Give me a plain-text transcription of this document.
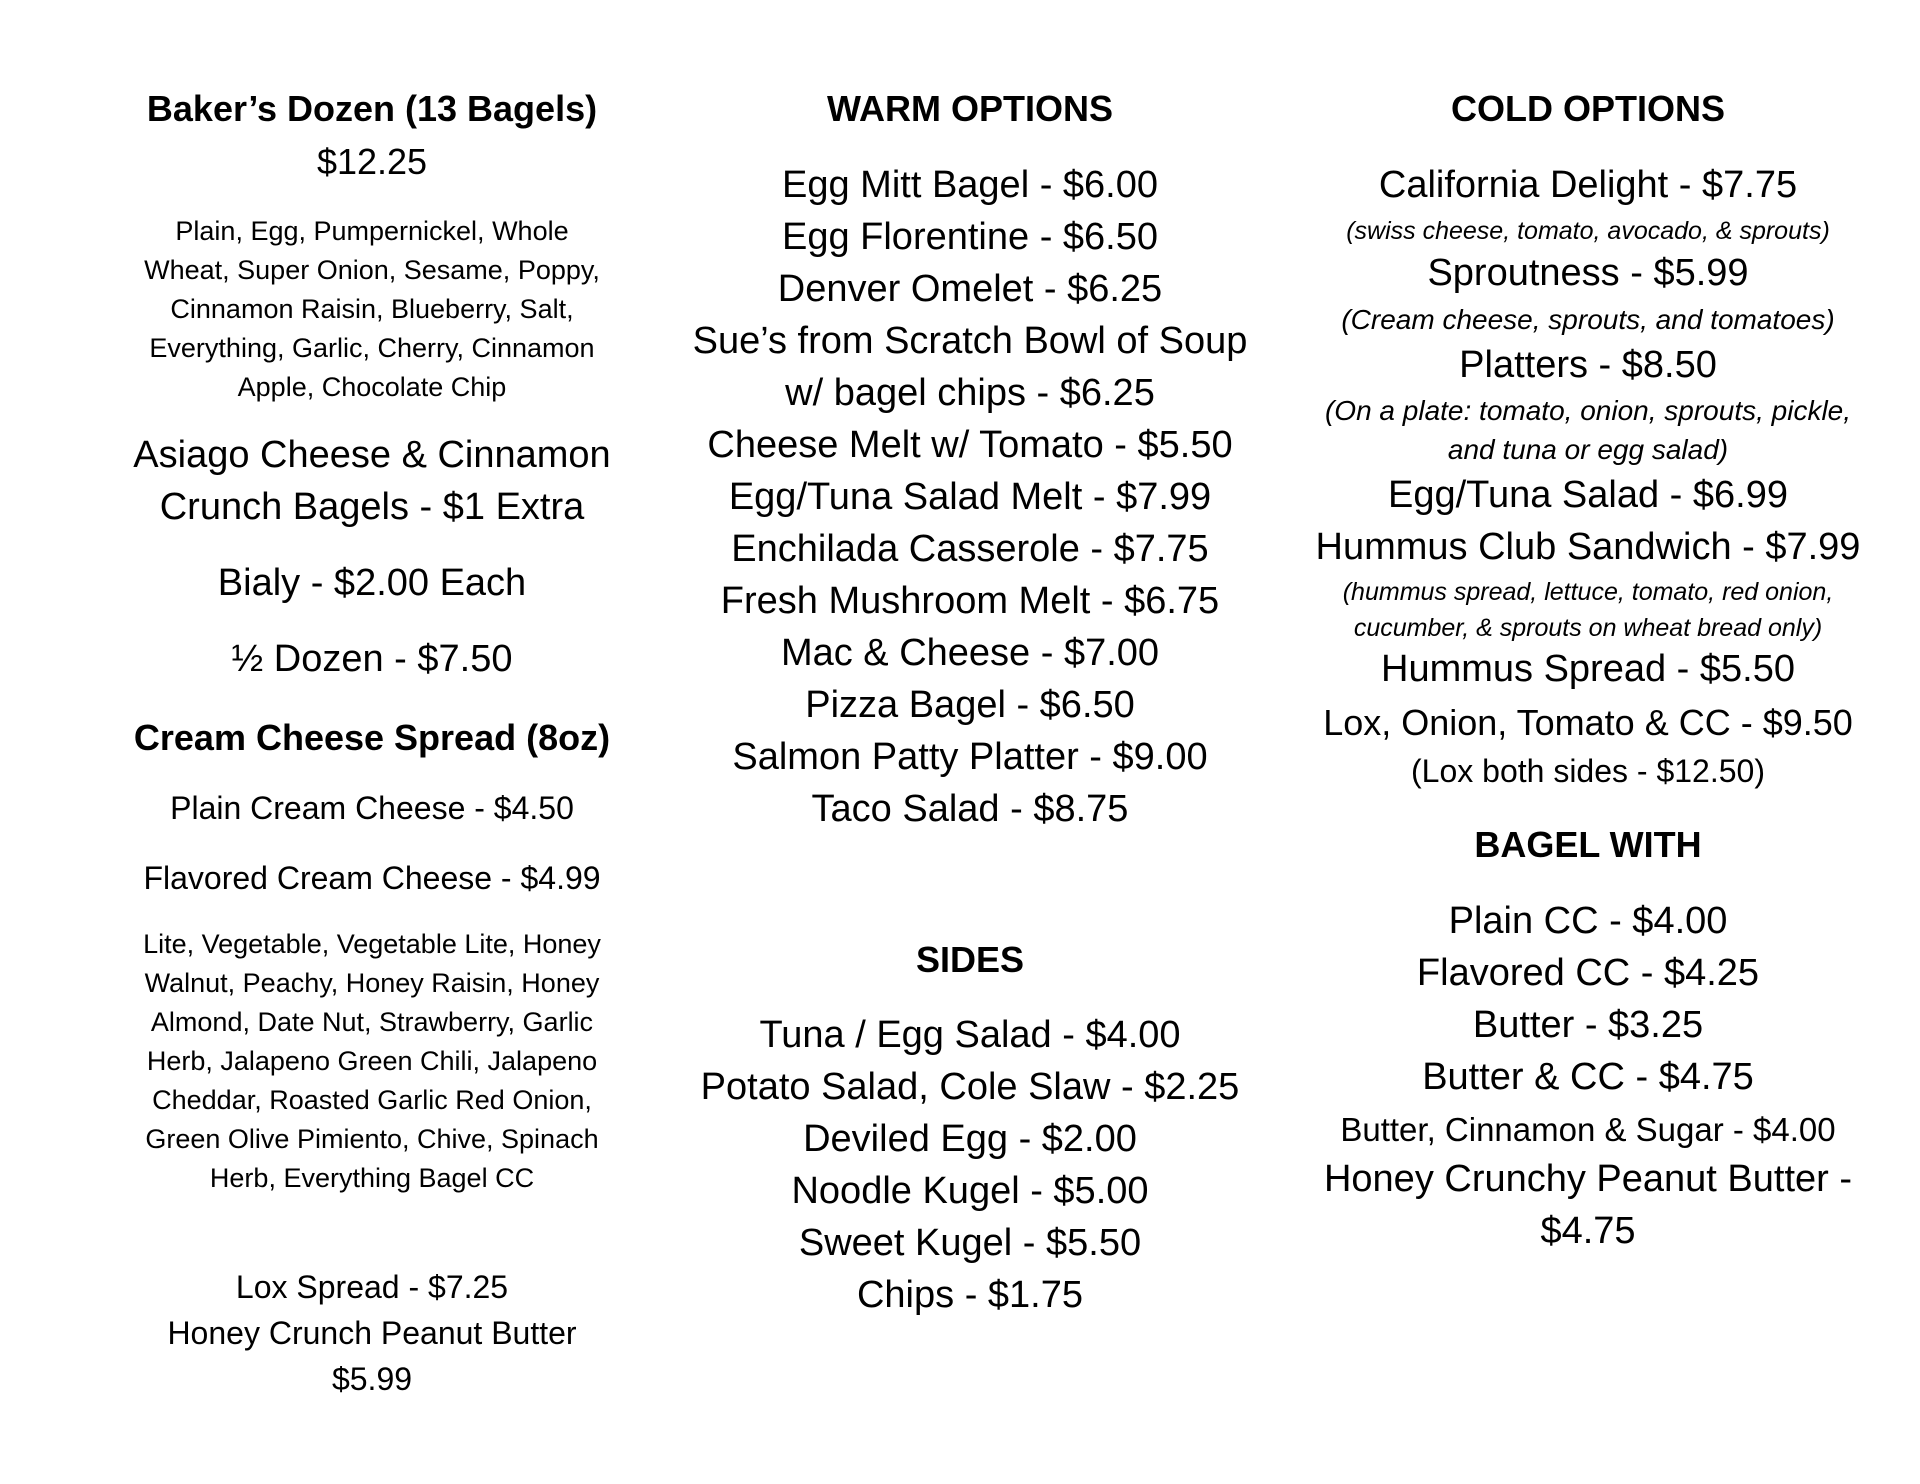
Baker’s Dozen (13 Bagels)
$12.25
Plain, Egg, Pumpernickel, Whole
Wheat, Super Onion, Sesame, Poppy,
Cinnamon Raisin, Blueberry, Salt,
Everything, Garlic, Cherry, Cinnamon
Apple, Chocolate Chip
Asiago Cheese & Cinnamon
Crunch Bagels - $1 Extra
Bialy - $2.00 Each
½ Dozen - $7.50
Cream Cheese Spread (8oz)
Plain Cream Cheese - $4.50
Flavored Cream Cheese - $4.99
Lite, Vegetable, Vegetable Lite, Honey
Walnut, Peachy, Honey Raisin, Honey
Almond, Date Nut, Strawberry, Garlic
Herb, Jalapeno Green Chili, Jalapeno
Cheddar, Roasted Garlic Red Onion,
Green Olive Pimiento, Chive, Spinach
Herb, Everything Bagel CC
Lox Spread - $7.25
Honey Crunch Peanut Butter
$5.99
WARM OPTIONS
Egg Mitt Bagel - $6.00
Egg Florentine - $6.50
Denver Omelet - $6.25
Sue’s from Scratch Bowl of Soup
w/ bagel chips - $6.25
Cheese Melt w/ Tomato - $5.50
Egg/Tuna Salad Melt - $7.99
Enchilada Casserole - $7.75
Fresh Mushroom Melt - $6.75
Mac & Cheese - $7.00
Pizza Bagel - $6.50
Salmon Patty Platter - $9.00
Taco Salad - $8.75
SIDES
Tuna / Egg Salad - $4.00
Potato Salad, Cole Slaw - $2.25
Deviled Egg - $2.00
Noodle Kugel - $5.00
Sweet Kugel - $5.50
Chips - $1.75
COLD OPTIONS
California Delight - $7.75
(swiss cheese, tomato, avocado, & sprouts)
Sproutness - $5.99
(Cream cheese, sprouts, and tomatoes)
Platters - $8.50
(On a plate: tomato, onion, sprouts, pickle,
and tuna or egg salad)
Egg/Tuna Salad - $6.99
Hummus Club Sandwich - $7.99
(hummus spread, lettuce, tomato, red onion,
cucumber, & sprouts on wheat bread only)
Hummus Spread - $5.50
Lox, Onion, Tomato & CC - $9.50
(Lox both sides - $12.50)
BAGEL WITH
Plain CC - $4.00
Flavored CC - $4.25
Butter - $3.25
Butter & CC - $4.75
Butter, Cinnamon & Sugar - $4.00
Honey Crunchy Peanut Butter -
$4.75
